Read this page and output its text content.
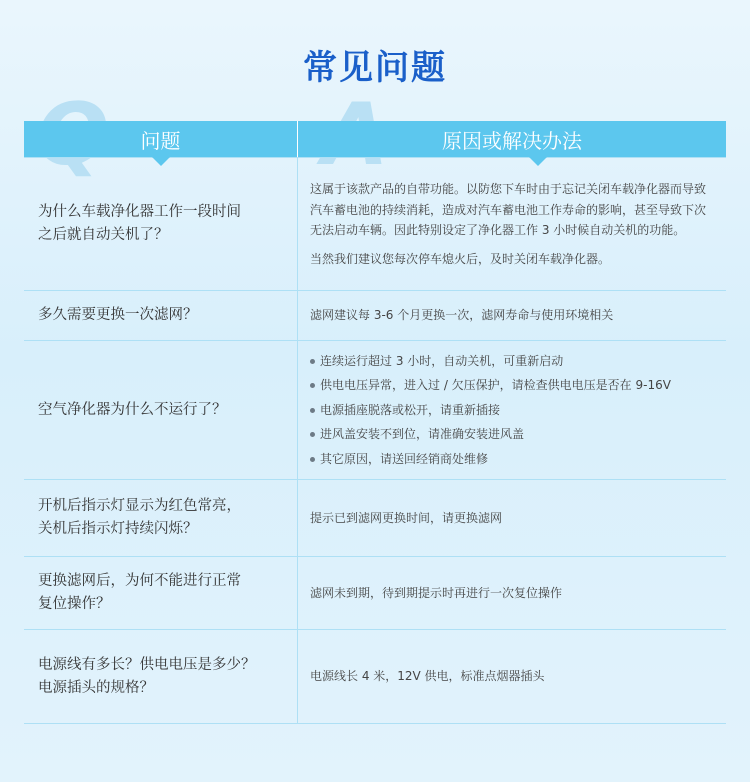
常见问题
问题	原因或解决办法
为什么车载净化器工作一段时间
之后就自动关机了？

这属于该款产品的自带功能。以防您下车时由于忘记关闭车载净化器而导致汽车蓄电池的持续消耗，造成对汽车蓄电池工作寿命的影响，甚至导致下次无法启动车辆。因此特别设定了净化器工作 3 小时候自动关机的功能。

当然我们建议您每次停车熄火后，及时关闭车载净化器。

多久需要更换一次滤网？	滤网建议每 3-6 个月更换一次，滤网寿命与使用环境相关

空气净化器为什么不运行了？
连续运行超过 3 小时，自动关机，可重新启动
供电电压异常，进入过 / 欠压保护，请检查供电电压是否在 9-16V
电源插座脱落或松开，请重新插接
进风盖安装不到位，请准确安装进风盖
其它原因，请送回经销商处维修
开机后指示灯显示为红色常亮，
关机后指示灯持续闪烁？

提示已到滤网更换时间，请更换滤网

更换滤网后，为何不能进行正常
复位操作？

滤网未到期，待到期提示时再进行一次复位操作

电源线有多长？供电电压是多少？
电源插头的规格？

电源线长 4 米，12V 供电，标准点烟器插头
